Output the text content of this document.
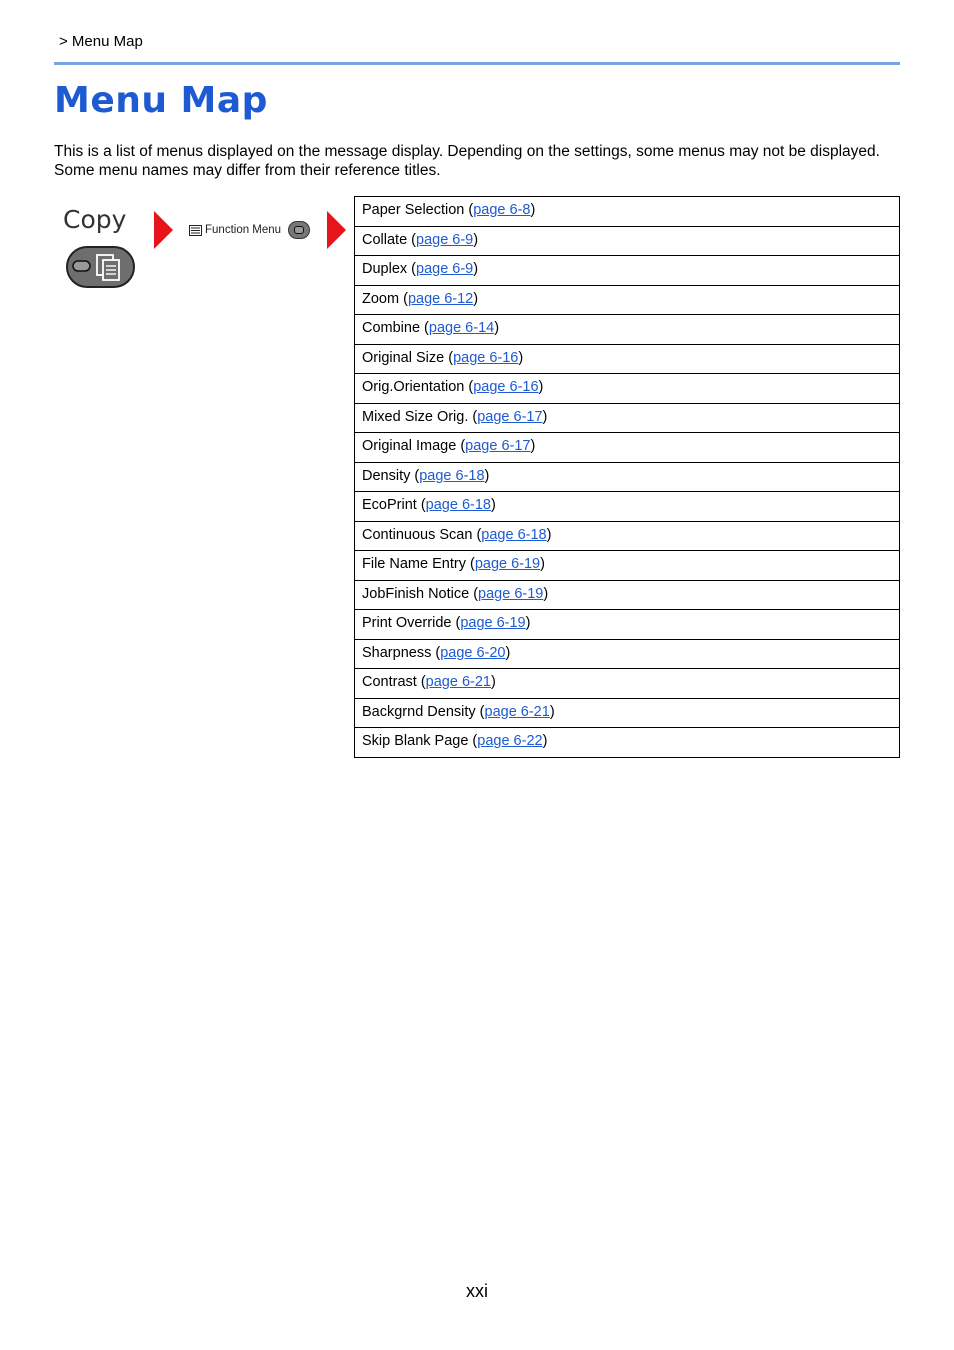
> Menu Map
Menu Map
This is a list of menus displayed on the message display. Depending on the settings, some menus may not be displayed. Some menu names may differ from their reference titles.
Copy	Function Menu
Paper Selection (page 6-8)
Collate (page 6-9)
Duplex (page 6-9)
Zoom (page 6-12)
Combine (page 6-14)
Original Size (page 6-16)
Orig.Orientation (page 6-16)
Mixed Size Orig. (page 6-17)
Original Image (page 6-17)
Density (page 6-18)
EcoPrint (page 6-18)
Continuous Scan (page 6-18)
File Name Entry (page 6-19)
JobFinish Notice (page 6-19)
Print Override (page 6-19)
Sharpness (page 6-20)
Contrast (page 6-21)
Backgrnd Density (page 6-21)
Skip Blank Page (page 6-22)
xxi
